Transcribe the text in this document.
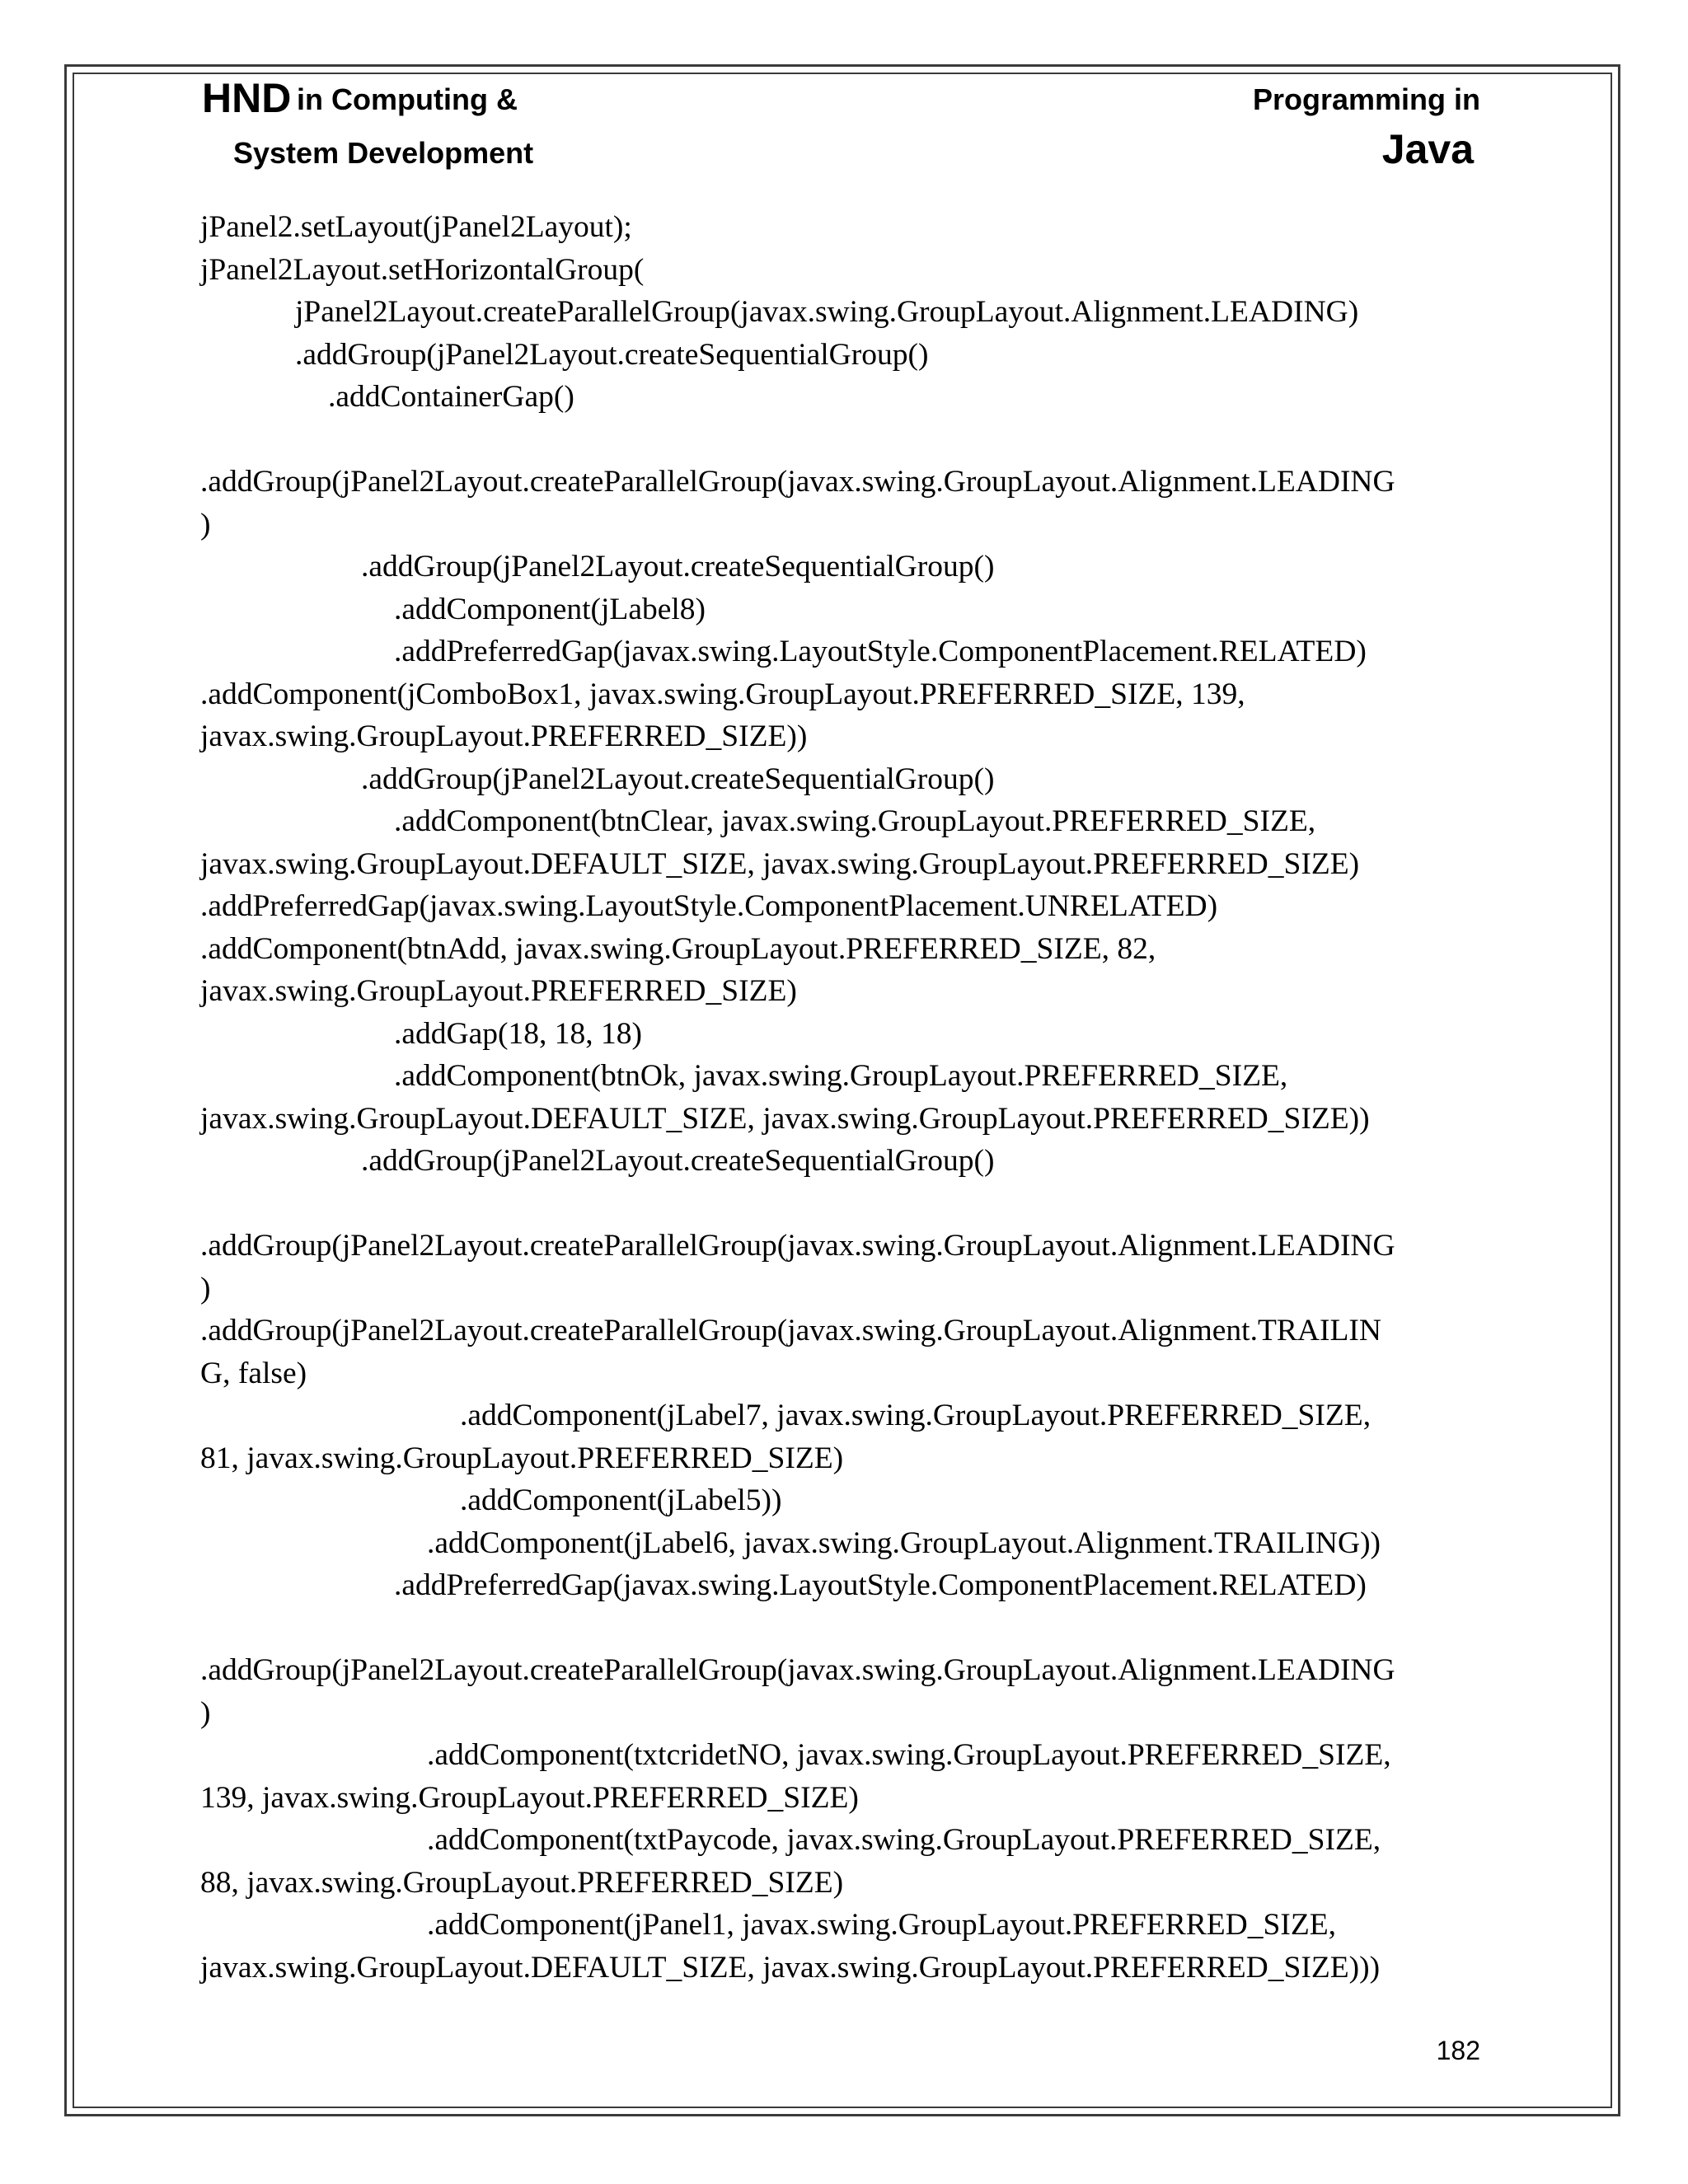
HND in Computing &
System Development
Programming in
Java
jPanel2.setLayout(jPanel2Layout);
jPanel2Layout.setHorizontalGroup(
jPanel2Layout.createParallelGroup(javax.swing.GroupLayout.Alignment.LEADING)
.addGroup(jPanel2Layout.createSequentialGroup()
.addContainerGap()
.addGroup(jPanel2Layout.createParallelGroup(javax.swing.GroupLayout.Alignment.LEADING
)
.addGroup(jPanel2Layout.createSequentialGroup()
.addComponent(jLabel8)
.addPreferredGap(javax.swing.LayoutStyle.ComponentPlacement.RELATED)
.addComponent(jComboBox1, javax.swing.GroupLayout.PREFERRED_SIZE, 139,
javax.swing.GroupLayout.PREFERRED_SIZE))
.addGroup(jPanel2Layout.createSequentialGroup()
.addComponent(btnClear, javax.swing.GroupLayout.PREFERRED_SIZE,
javax.swing.GroupLayout.DEFAULT_SIZE, javax.swing.GroupLayout.PREFERRED_SIZE)
.addPreferredGap(javax.swing.LayoutStyle.ComponentPlacement.UNRELATED)
.addComponent(btnAdd, javax.swing.GroupLayout.PREFERRED_SIZE, 82,
javax.swing.GroupLayout.PREFERRED_SIZE)
.addGap(18, 18, 18)
.addComponent(btnOk, javax.swing.GroupLayout.PREFERRED_SIZE,
javax.swing.GroupLayout.DEFAULT_SIZE, javax.swing.GroupLayout.PREFERRED_SIZE))
.addGroup(jPanel2Layout.createSequentialGroup()
.addGroup(jPanel2Layout.createParallelGroup(javax.swing.GroupLayout.Alignment.LEADING
)
.addGroup(jPanel2Layout.createParallelGroup(javax.swing.GroupLayout.Alignment.TRAILIN
G, false)
.addComponent(jLabel7, javax.swing.GroupLayout.PREFERRED_SIZE,
81, javax.swing.GroupLayout.PREFERRED_SIZE)
.addComponent(jLabel5))
.addComponent(jLabel6, javax.swing.GroupLayout.Alignment.TRAILING))
.addPreferredGap(javax.swing.LayoutStyle.ComponentPlacement.RELATED)
.addGroup(jPanel2Layout.createParallelGroup(javax.swing.GroupLayout.Alignment.LEADING
)
.addComponent(txtcridetNO, javax.swing.GroupLayout.PREFERRED_SIZE,
139, javax.swing.GroupLayout.PREFERRED_SIZE)
.addComponent(txtPaycode, javax.swing.GroupLayout.PREFERRED_SIZE,
88, javax.swing.GroupLayout.PREFERRED_SIZE)
.addComponent(jPanel1, javax.swing.GroupLayout.PREFERRED_SIZE,
javax.swing.GroupLayout.DEFAULT_SIZE, javax.swing.GroupLayout.PREFERRED_SIZE)))
182
